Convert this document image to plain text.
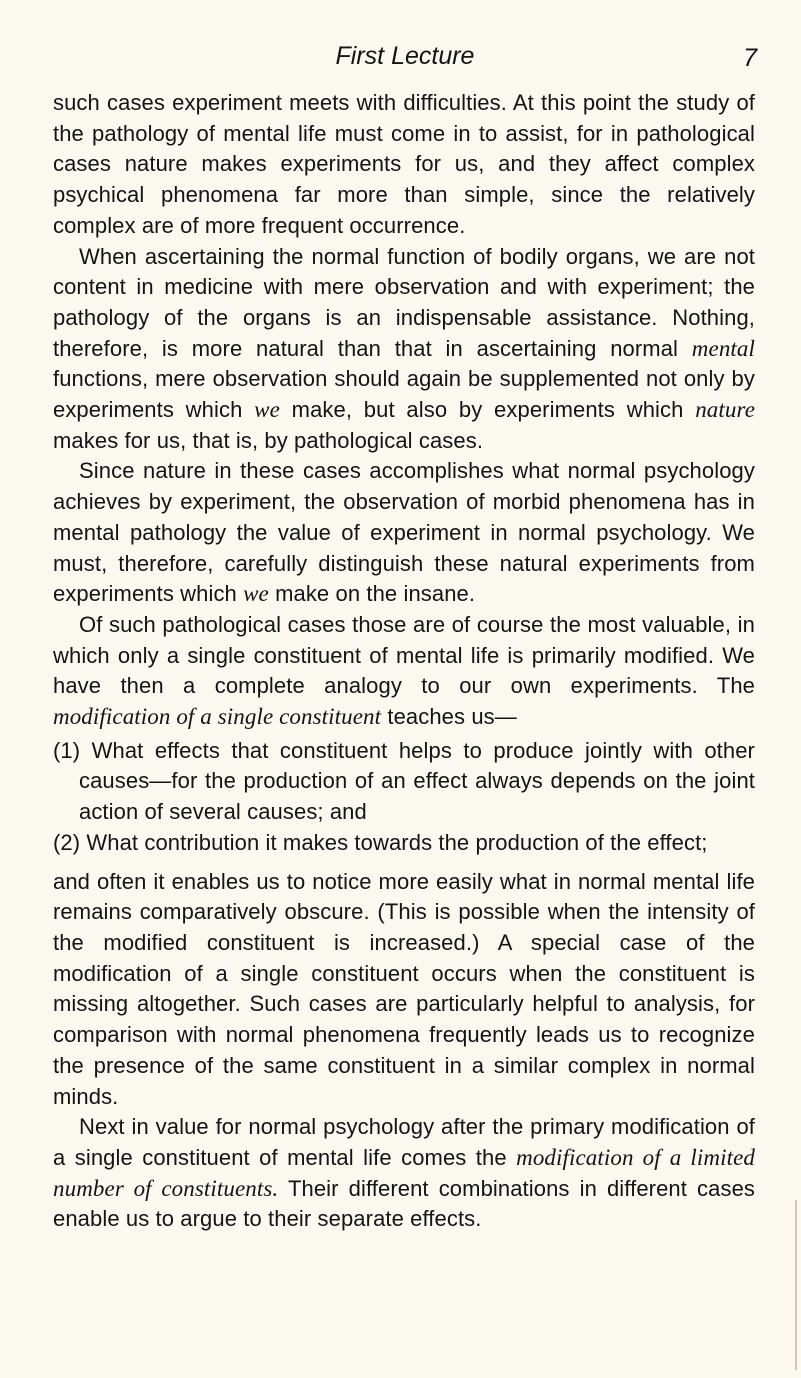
First Lecture	7

such cases experiment meets with difficulties. At this point the study of the pathology of mental life must come in to assist, for in pathological cases nature makes experiments for us, and they affect complex psychical phenomena far more than simple, since the relatively complex are of more frequent occurrence.

When ascertaining the normal function of bodily organs, we are not content in medicine with mere observation and with experiment; the pathology of the organs is an indispensable assistance. Nothing, therefore, is more natural than that in ascertaining normal mental functions, mere observation should again be supplemented not only by experiments which we make, but also by experiments which nature makes for us, that is, by pathological cases.

Since nature in these cases accomplishes what normal psychology achieves by experiment, the observation of morbid phenomena has in mental pathology the value of experiment in normal psychology. We must, therefore, carefully distinguish these natural experiments from experiments which we make on the insane.

Of such pathological cases those are of course the most valuable, in which only a single constituent of mental life is primarily modified. We have then a complete analogy to our own experiments. The modification of a single constituent teaches us—

(1) What effects that constituent helps to produce jointly with other causes—for the production of an effect always depends on the joint action of several causes; and
(2) What contribution it makes towards the production of the effect;

and often it enables us to notice more easily what in normal mental life remains comparatively obscure. (This is possible when the intensity of the modified constituent is increased.) A special case of the modification of a single constituent occurs when the constituent is missing altogether. Such cases are particularly helpful to analysis, for comparison with normal phenomena frequently leads us to recognize the presence of the same constituent in a similar complex in normal minds.

Next in value for normal psychology after the primary modification of a single constituent of mental life comes the modification of a limited number of constituents. Their different combinations in different cases enable us to argue to their separate effects.
